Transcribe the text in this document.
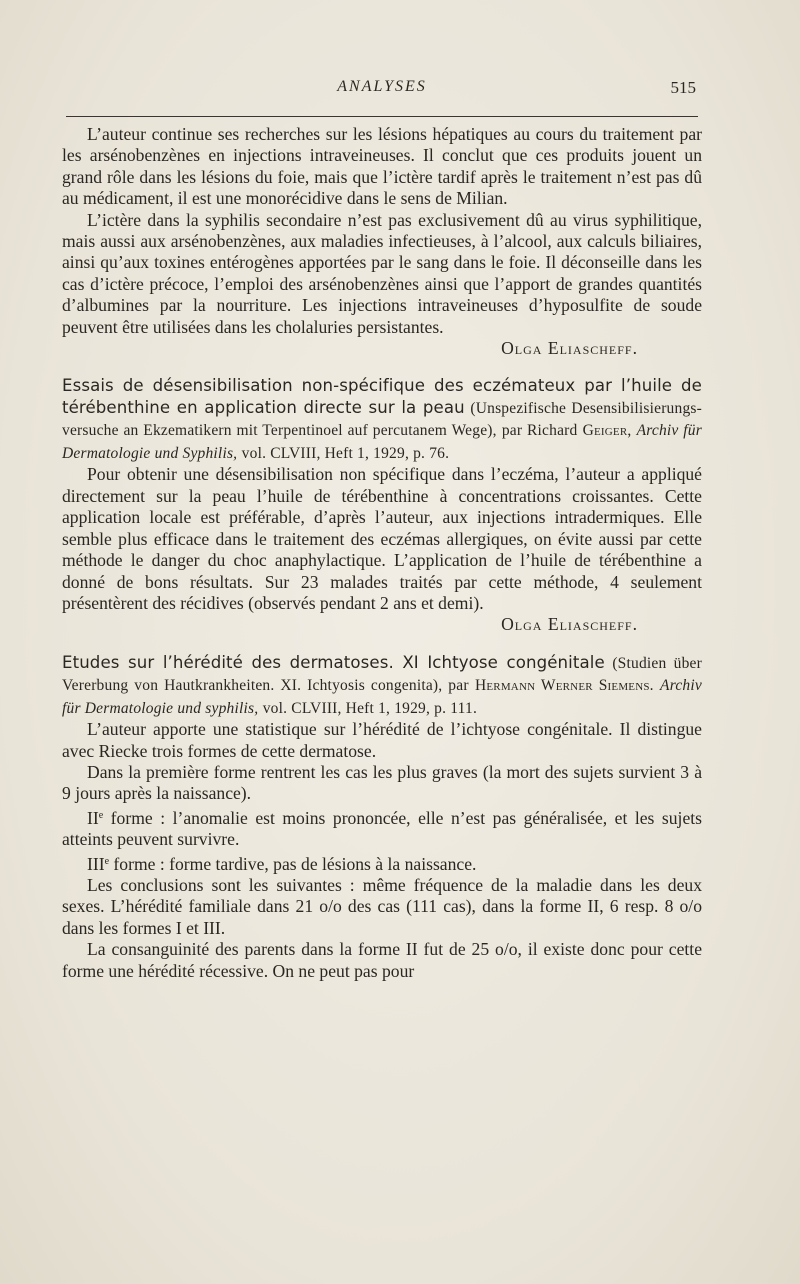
ANALYSES	515

L’auteur continue ses recherches sur les lésions hépatiques au cours du traitement par les arsénobenzènes en injections intraveineuses. Il conclut que ces produits jouent un grand rôle dans les lésions du foie, mais que l’ictère tardif après le traitement n’est pas dû au médicament, il est une monorécidive dans le sens de Milian.

L’ictère dans la syphilis secondaire n’est pas exclusivement dû au virus syphilitique, mais aussi aux arsénobenzènes, aux maladies infectieuses, à l’alcool, aux calculs biliaires, ainsi qu’aux toxines entérogènes apportées par le sang dans le foie. Il déconseille dans les cas d’ictère précoce, l’emploi des arsénobenzènes ainsi que l’apport de grandes quantités d’albumines par la nourriture. Les injections intraveineuses d’hyposulfite de soude peuvent être utilisées dans les cholaluries persistantes.

Olga Eliascheff.

Essais de désensibilisation non-spécifique des eczémateux par l’huile de térébenthine en application directe sur la peau (Unspezifische Desensibilisierungs-versuche an Ekzematikern mit Terpentinoel auf percutanem Wege), par Richard Geiger, Archiv für Dermatologie und Syphilis, vol. CLVIII, Heft 1, 1929, p. 76.

Pour obtenir une désensibilisation non spécifique dans l’eczéma, l’auteur a appliqué directement sur la peau l’huile de térébenthine à concentrations croissantes. Cette application locale est préférable, d’après l’auteur, aux injections intradermiques. Elle semble plus efficace dans le traitement des eczémas allergiques, on évite aussi par cette méthode le danger du choc anaphylactique. L’application de l’huile de térébenthine a donné de bons résultats. Sur 23 malades traités par cette méthode, 4 seulement présentèrent des récidives (observés pendant 2 ans et demi).

Olga Eliascheff.

Etudes sur l’hérédité des dermatoses. XI Ichtyose congénitale (Studien über Vererbung von Hautkrankheiten. XI. Ichtyosis congenita), par Hermann Werner Siemens. Archiv für Dermatologie und syphilis, vol. CLVIII, Heft 1, 1929, p. 111.

L’auteur apporte une statistique sur l’hérédité de l’ichtyose congénitale. Il distingue avec Riecke trois formes de cette dermatose.

Dans la première forme rentrent les cas les plus graves (la mort des sujets survient 3 à 9 jours après la naissance).

IIe forme : l’anomalie est moins prononcée, elle n’est pas généralisée, et les sujets atteints peuvent survivre.

IIIe forme : forme tardive, pas de lésions à la naissance.

Les conclusions sont les suivantes : même fréquence de la maladie dans les deux sexes. L’hérédité familiale dans 21 o/o des cas (111 cas), dans la forme II, 6 resp. 8 o/o dans les formes I et III.

La consanguinité des parents dans la forme II fut de 25 o/o, il existe donc pour cette forme une hérédité récessive. On ne peut pas pour
